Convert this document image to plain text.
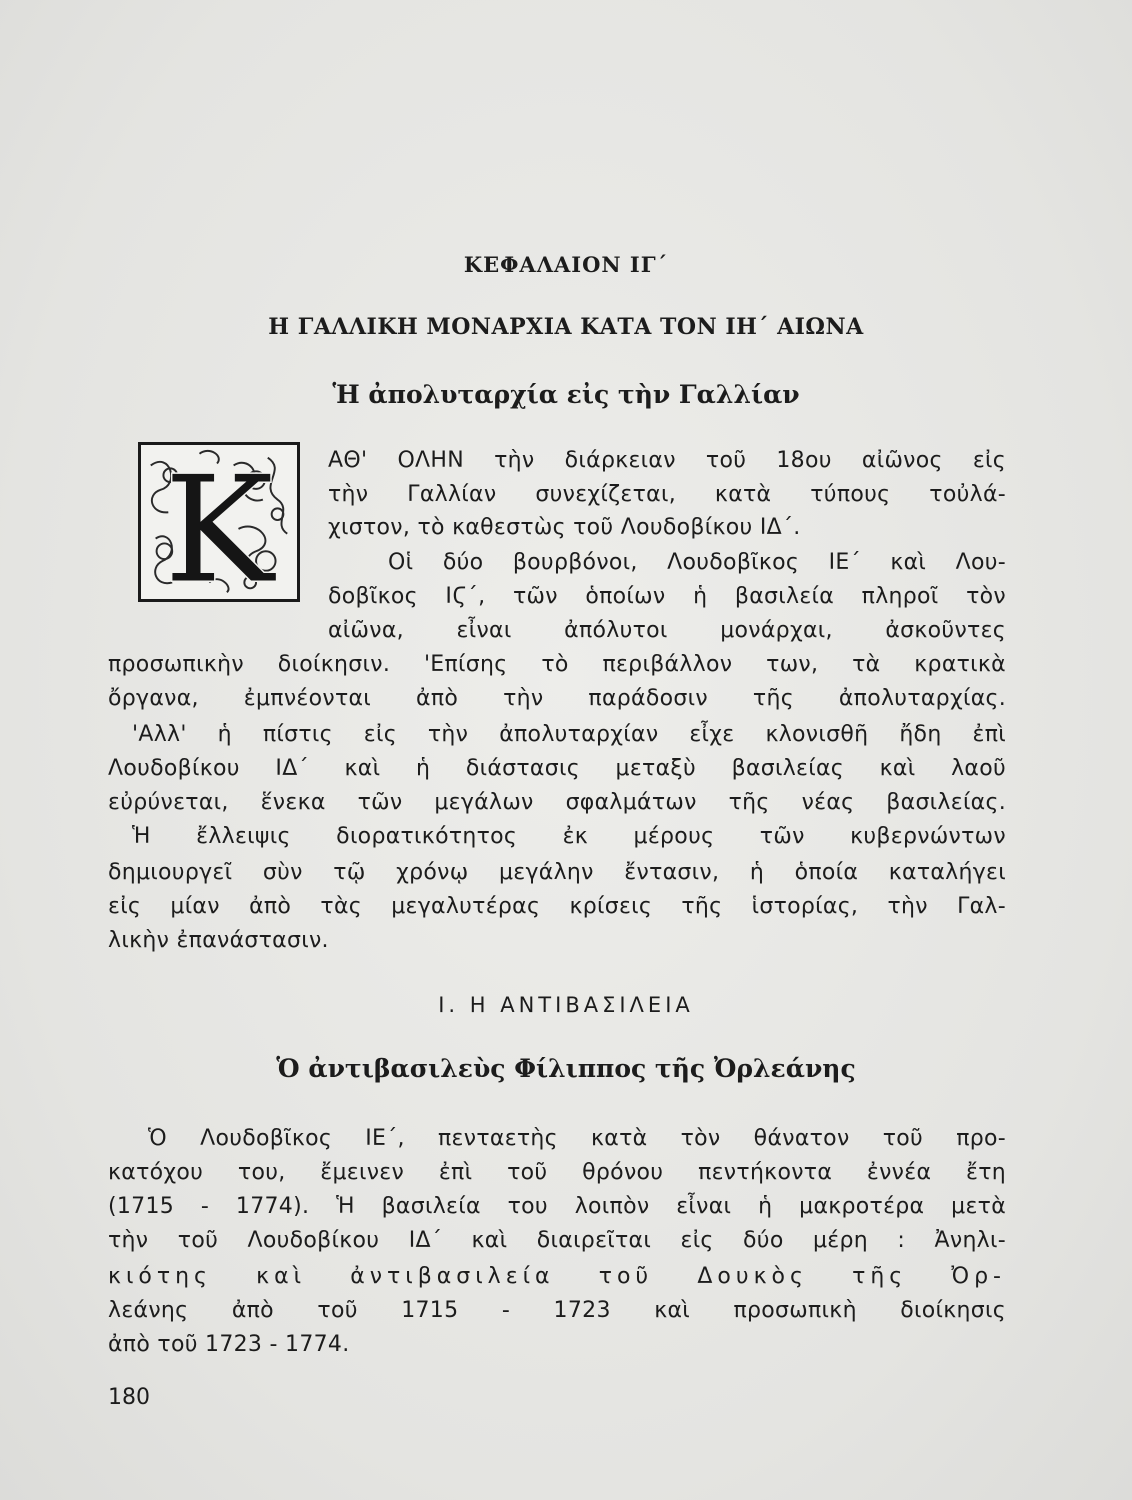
ΚΕΦΑΛΑΙΟΝ ΙΓ΄
Η ΓΑΛΛΙΚΗ ΜΟΝΑΡΧΙΑ ΚΑΤΑ ΤΟΝ ΙΗ΄ ΑΙΩΝΑ
Ἡ ἀπολυταρχία εἰς τὴν Γαλλίαν
Κ ΑΘ' ΟΛΗΝ τὴν διάρκειαν τοῦ 18ου αἰῶνος εἰς
τὴν Γαλλίαν συνεχίζεται, κατὰ τύπους τοὐλά-
χιστον, τὸ καθεστὼς τοῦ Λουδοβίκου ΙΔ΄.
Οἱ δύο βουρβόνοι, Λουδοβῖκος ΙΕ΄ καὶ Λου-
δοβῖκος ΙϚ΄, τῶν ὁποίων ἡ βασιλεία πληροῖ τὸν
αἰῶνα, εἶναι ἀπόλυτοι μονάρχαι, ἀσκοῦντες
προσωπικὴν διοίκησιν. 'Επίσης τὸ περιβάλλον των, τὰ κρατικὰ
ὄργανα, ἐμπνέονται ἀπὸ τὴν παράδοσιν τῆς ἀπολυταρχίας.
'Αλλ' ἡ πίστις εἰς τὴν ἀπολυταρχίαν εἶχε κλονισθῆ ἤδη ἐπὶ
Λουδοβίκου ΙΔ΄ καὶ ἡ διάστασις μεταξὺ βασιλείας καὶ λαοῦ
εὐρύνεται, ἕνεκα τῶν μεγάλων σφαλμάτων τῆς νέας βασιλείας.
Ἡ ἔλλειψις διορατικότητος ἐκ μέρους τῶν κυβερνώντων
δημιουργεῖ σὺν τῷ χρόνῳ μεγάλην ἔντασιν, ἡ ὁποία καταλήγει
εἰς μίαν ἀπὸ τὰς μεγαλυτέρας κρίσεις τῆς ἱστορίας, τὴν Γαλ-
λικὴν ἐπανάστασιν.
Ι. Η ΑΝΤΙΒΑΣΙΛΕΙΑ
Ὁ ἀντιβασιλεὺς Φίλιππος τῆς Ὀρλεάνης
Ὁ Λουδοβῖκος ΙΕ΄, πενταετὴς κατὰ τὸν θάνατον τοῦ προ-
κατόχου του, ἔμεινεν ἐπὶ τοῦ θρόνου πεντήκοντα ἐννέα ἔτη
(1715 - 1774). Ἡ βασιλεία του λοιπὸν εἶναι ἡ μακροτέρα μετὰ
τὴν τοῦ Λουδοβίκου ΙΔ΄ καὶ διαιρεῖται εἰς δύο μέρη : Ἀνηλι-
κιότης καὶ ἀντιβασιλεία τοῦ Δουκὸς τῆς Ὀρ-
λεάνης ἀπὸ τοῦ 1715 - 1723 καὶ προσωπικὴ διοίκησις
ἀπὸ τοῦ 1723 - 1774.
180
